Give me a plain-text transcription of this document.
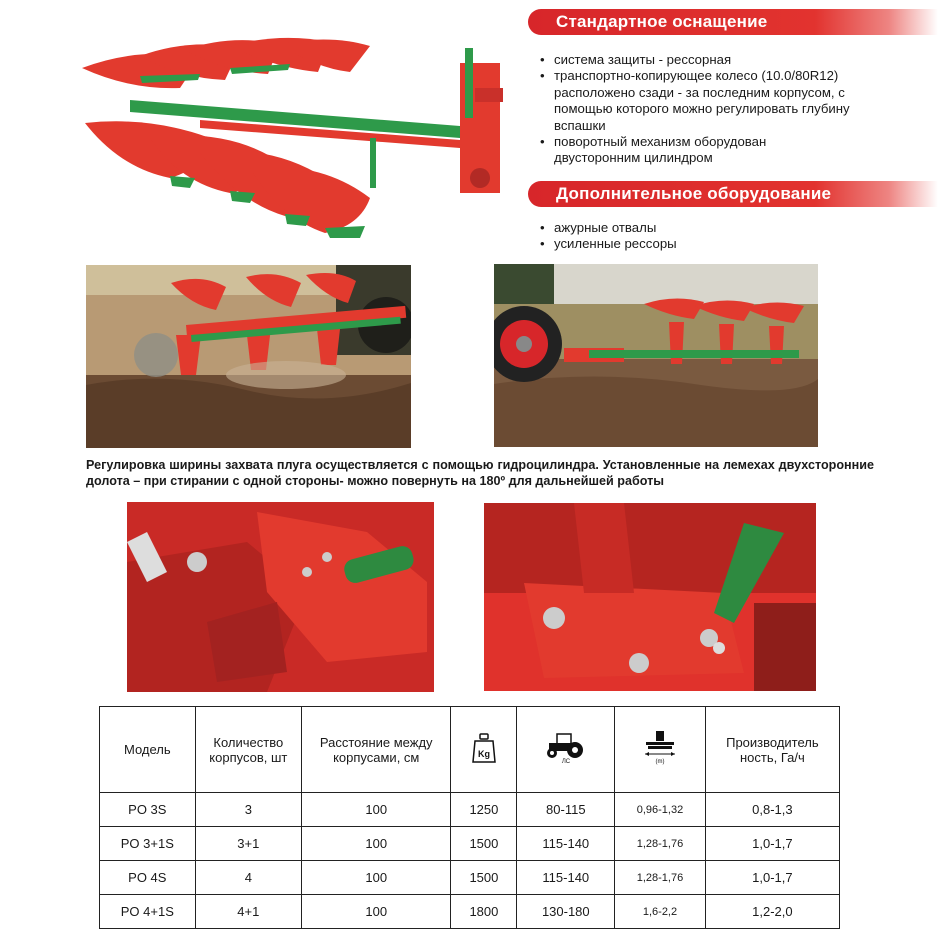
Стандартное оснащение
• система защиты - рессорная
• транспортно-копирующее колесо (10.0/80R12) расположено сзади - за последним корпусом, с помощью которого можно регулировать глубину вспашки
• поворотный механизм оборудован двусторонним цилиндром
Дополнительное оборудование
• ажурные отвалы
• усиленные рессоры
Регулировка ширины захвата плуга осуществляется с помощью гидроцилиндра. Установленные на лемехах двухсторонние долота – при стирании с одной стороны- можно повернуть на 180º для дальнейшей работы
Модель	Количество корпусов, шт	Расстояние между корпусами, см	Kg	ЛС	(m)	Производитель ность, Га/ч
PO 3S	3	100	1250	80-115	0,96-1,32	0,8-1,3
PO 3+1S	3+1	100	1500	115-140	1,28-1,76	1,0-1,7
PO 4S	4	100	1500	115-140	1,28-1,76	1,0-1,7
PO 4+1S	4+1	100	1800	130-180	1,6-2,2	1,2-2,0
